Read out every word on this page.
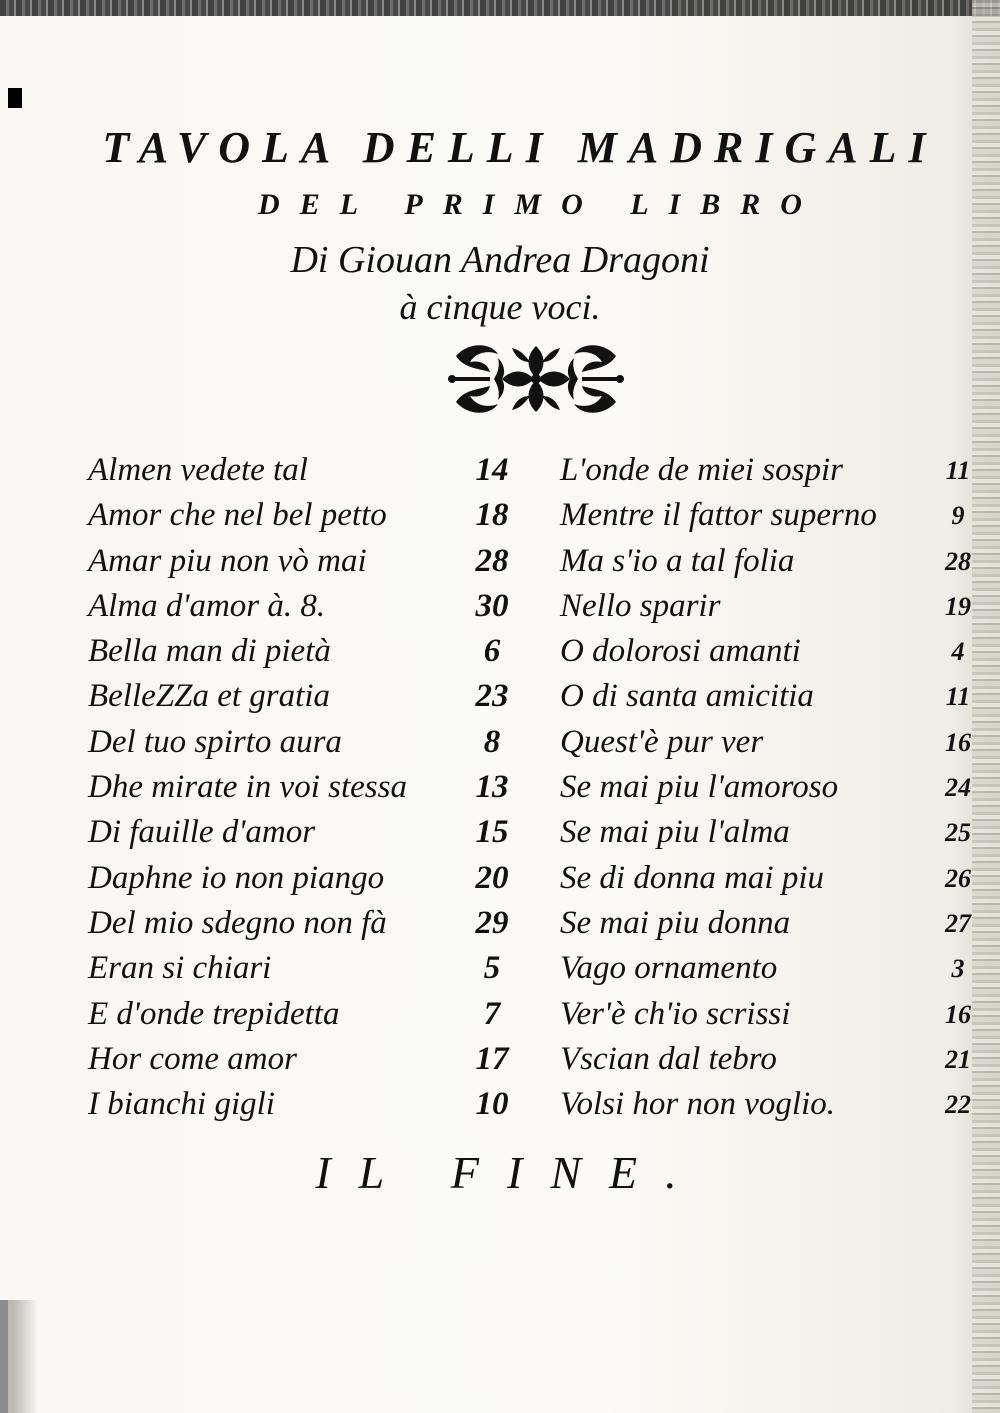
TAVOLA DELLI MADRIGALI
DEL PRIMO LIBRO
Di Giouan Andrea Dragoni
à cinque voci.
Almen vedete tal	14
Amor che nel bel petto	18
Amar piu non vò mai	28
Alma d'amor à. 8.	30
Bella man di pietà	6
BelleZZa et gratia	23
Del tuo spirto aura	8
Dhe mirate in voi stessa 13
Di fauille d'amor	15
Daphne io non piango	20
Del mio sdegno non fà	29
Eran si chiari	5
E d'onde trepidetta	7
Hor come amor	17
I bianchi gigli	10
L'onde de miei sospir	11
Mentre il fattor superno	9
Ma s'io a tal folia	28
Nello sparir	19
O dolorosi amanti	4
O di santa amicitia	11
Quest'è pur ver	16
Se mai piu l'amoroso	24
Se mai piu l'alma	25
Se di donna mai piu	26
Se mai piu donna	27
Vago ornamento	3
Ver'è ch'io scrissi	16
Vscian dal tebro	21
Volsi hor non voglio.	22
IL FINE.
